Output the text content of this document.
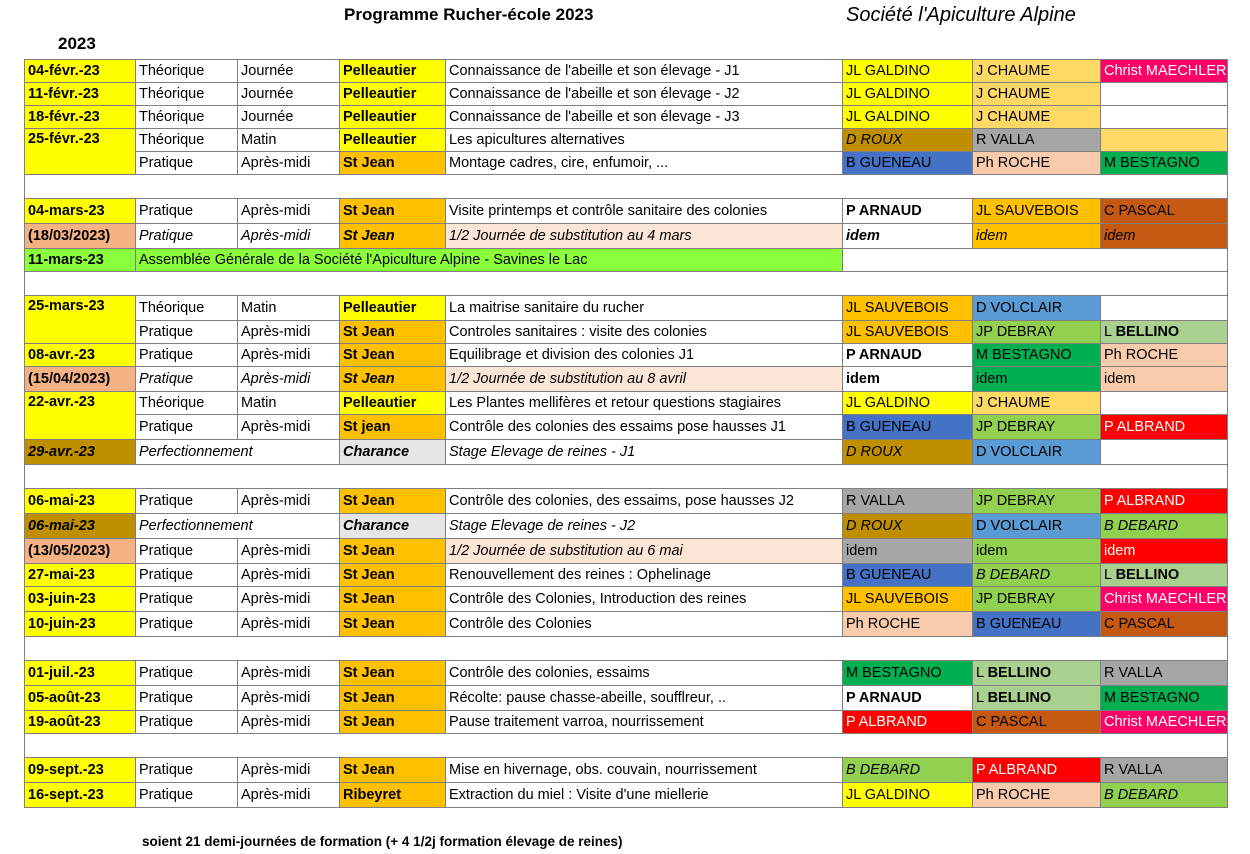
Programme Rucher-école 2023	Société l'Apiculture Alpine
2023
04-févr.-23	Théorique	Journée	Pelleautier	Connaissance de l'abeille et son élevage - J1	JL GALDINO	J CHAUME	Christ MAECHLER
11-févr.-23	Théorique	Journée	Pelleautier	Connaissance de l'abeille et son élevage - J2	JL GALDINO	J CHAUME	
18-févr.-23	Théorique	Journée	Pelleautier	Connaissance de l'abeille et son élevage - J3	JL GALDINO	J CHAUME	
25-févr.-23	Théorique	Matin	Pelleautier	Les apicultures alternatives	D ROUX	R VALLA	
	Pratique	Après-midi	St Jean	Montage cadres, cire, enfumoir, ...	B GUENEAU	Ph ROCHE	M BESTAGNO

04-mars-23	Pratique	Après-midi	St Jean	Visite printemps et contrôle sanitaire des colonies	P ARNAUD	JL SAUVEBOIS	C PASCAL
(18/03/2023)	Pratique	Après-midi	St Jean	1/2 Journée de substitution au 4 mars	idem	idem	idem
11-mars-23	Assemblée Générale de la Société l'Apiculture Alpine - Savines le Lac						

25-mars-23	Théorique	Matin	Pelleautier	La maitrise sanitaire du rucher	JL SAUVEBOIS	D VOLCLAIR	
	Pratique	Après-midi	St Jean	Controles sanitaires : visite des colonies	JL SAUVEBOIS	JP DEBRAY	L BELLINO
08-avr.-23	Pratique	Après-midi	St Jean	Equilibrage et division des colonies J1	P ARNAUD	M BESTAGNO	Ph ROCHE
(15/04/2023)	Pratique	Après-midi	St Jean	1/2 Journée de substitution au 8 avril	idem	idem	idem
22-avr.-23	Théorique	Matin	Pelleautier	Les Plantes mellifères et retour questions stagiaires	JL GALDINO	J CHAUME	
	Pratique	Après-midi	St jean	Contrôle des colonies des essaims pose hausses J1	B GUENEAU	JP DEBRAY	P ALBRAND
29-avr.-23	Perfectionnement		Charance	Stage Elevage de reines - J1	D ROUX	D VOLCLAIR	

06-mai-23	Pratique	Après-midi	St Jean	Contrôle des colonies, des essaims, pose hausses J2	R VALLA	JP DEBRAY	P ALBRAND
06-mai-23	Perfectionnement		Charance	Stage Elevage de reines - J2	D ROUX	D VOLCLAIR	B DEBARD
(13/05/2023)	Pratique	Après-midi	St Jean	1/2 Journée de substitution au 6 mai	idem	idem	idem
27-mai-23	Pratique	Après-midi	St Jean	Renouvellement des reines : Ophelinage	B GUENEAU	B DEBARD	L BELLINO
03-juin-23	Pratique	Après-midi	St Jean	Contrôle des Colonies, Introduction des reines	JL SAUVEBOIS	JP DEBRAY	Christ MAECHLER
10-juin-23	Pratique	Après-midi	St Jean	Contrôle des Colonies	Ph ROCHE	B GUENEAU	C PASCAL

01-juil.-23	Pratique	Après-midi	St Jean	Contrôle des colonies, essaims	M BESTAGNO	L BELLINO	R VALLA
05-août-23	Pratique	Après-midi	St Jean	Récolte: pause chasse-abeille, soufflreur, ..	P ARNAUD	L BELLINO	M BESTAGNO
19-août-23	Pratique	Après-midi	St Jean	Pause traitement varroa, nourrissement	P ALBRAND	C PASCAL	Christ MAECHLER

09-sept.-23	Pratique	Après-midi	St Jean	Mise en hivernage, obs. couvain, nourrissement	B DEBARD	P ALBRAND	R VALLA
16-sept.-23	Pratique	Après-midi	Ribeyret	Extraction du miel : Visite d'une miellerie	JL GALDINO	Ph ROCHE	B DEBARD
soient 21 demi-journées de formation (+ 4 1/2j formation élevage de reines)
